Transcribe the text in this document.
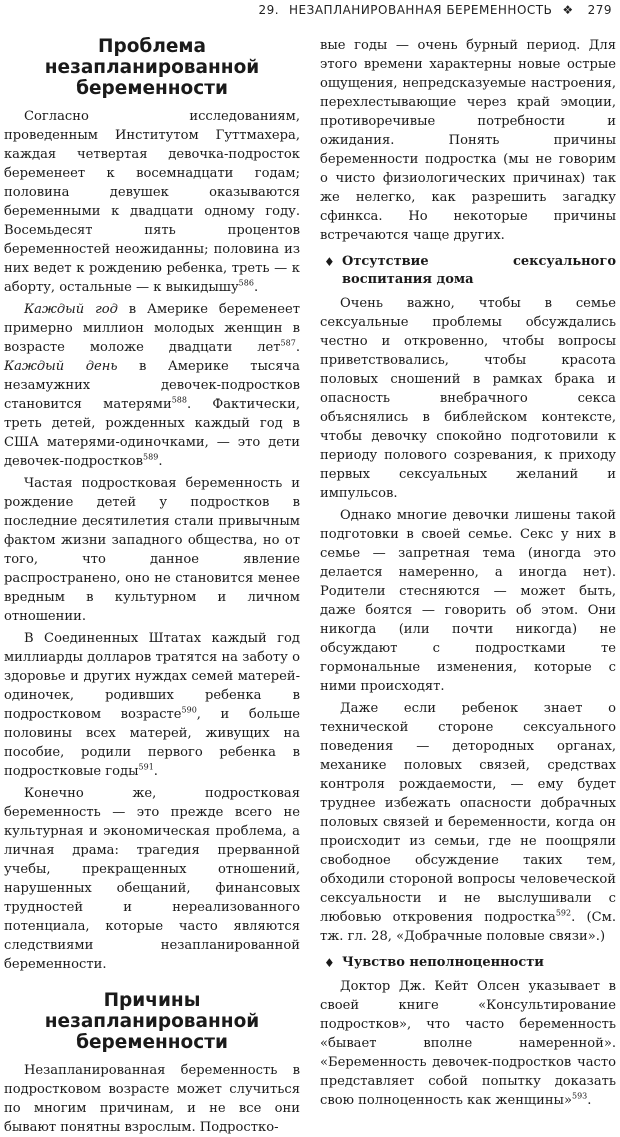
29. НЕЗАПЛАНИРОВАННАЯ БЕРЕМЕННОСТЬ ❖ 279
Проблема незапланированной беременности

Согласно исследованиям, проведенным Институтом Гуттмахера, каждая четвертая девочка-подросток беременеет к восемнадцати годам; половина девушек оказываются беременными к двадцати одному году. Восемьдесят пять процентов беременностей неожиданны; половина из них ведет к рождению ребенка, треть — к аборту, остальные — к выкидышу$^{586}$.

Каждый год в Америке беременеет примерно миллион молодых женщин в возрасте моложе двадцати лет$^{587}$. Каждый день в Америке тысяча незамужних девочек-подростков становится матерями$^{588}$. Фактически, треть детей, рожденных каждый год в США матерями-одиночками, — это дети девочек-подростков$^{589}$.

Частая подростковая беременность и рождение детей у подростков в последние десятилетия стали привычным фактом жизни западного общества, но от того, что данное явление распространено, оно не становится менее вредным в культурном и личном отношении.

В Соединенных Штатах каждый год миллиарды долларов тратятся на заботу о здоровье и других нуждах семей матерей-одиночек, родивших ребенка в подростковом возрасте$^{590}$, и больше половины всех матерей, живущих на пособие, родили первого ребенка в подростковые годы$^{591}$.

Конечно же, подростковая беременность — это прежде всего не культурная и экономическая проблема, а личная драма: трагедия прерванной учебы, прекращенных отношений, нарушенных обещаний, финансовых трудностей и нереализованного потенциала, которые часто являются следствиями незапланированной беременности.

Причины незапланированной беременности

Незапланированная беременность в подростковом возрасте может случиться по многим причинам, и не все они бывают понятны взрослым. Подростко-

вые годы — очень бурный период. Для этого времени характерны новые острые ощущения, непредсказуемые настроения, перехлестывающие через край эмоции, противоречивые потребности и ожидания. Понять причины беременности подростка (мы не говорим о чисто физиологических причинах) так же нелегко, как разрешить загадку сфинкса. Но некоторые причины встречаются чаще других.

♦ Отсутствие сексуального воспитания дома

Очень важно, чтобы в семье сексуальные проблемы обсуждались честно и откровенно, чтобы вопросы приветствовались, чтобы красота половых сношений в рамках брака и опасность внебрачного секса объяснялись в библейском контексте, чтобы девочку спокойно подготовили к периоду полового созревания, к приходу первых сексуальных желаний и импульсов.

Однако многие девочки лишены такой подготовки в своей семье. Секс у них в семье — запретная тема (иногда это делается намеренно, а иногда нет). Родители стесняются — может быть, даже боятся — говорить об этом. Они никогда (или почти никогда) не обсуждают с подростками те гормональные изменения, которые с ними происходят.

Даже если ребенок знает о технической стороне сексуального поведения — детородных органах, механике половых связей, средствах контроля рождаемости, — ему будет труднее избежать опасности добрачных половых связей и беременности, когда он происходит из семьи, где не поощряли свободное обсуждение таких тем, обходили стороной вопросы человеческой сексуальности и не выслушивали с любовью откровения подростка$^{592}$. (См. тж. гл. 28, «Добрачные половые связи».)

♦ Чувство неполноценности

Доктор Дж. Кейт Олсен указывает в своей книге «Консультирование подростков», что часто беременность «бывает вполне намеренной». «Беременность девочек-подростков часто представляет собой попытку доказать свою полноценность как женщины»$^{593}$.
